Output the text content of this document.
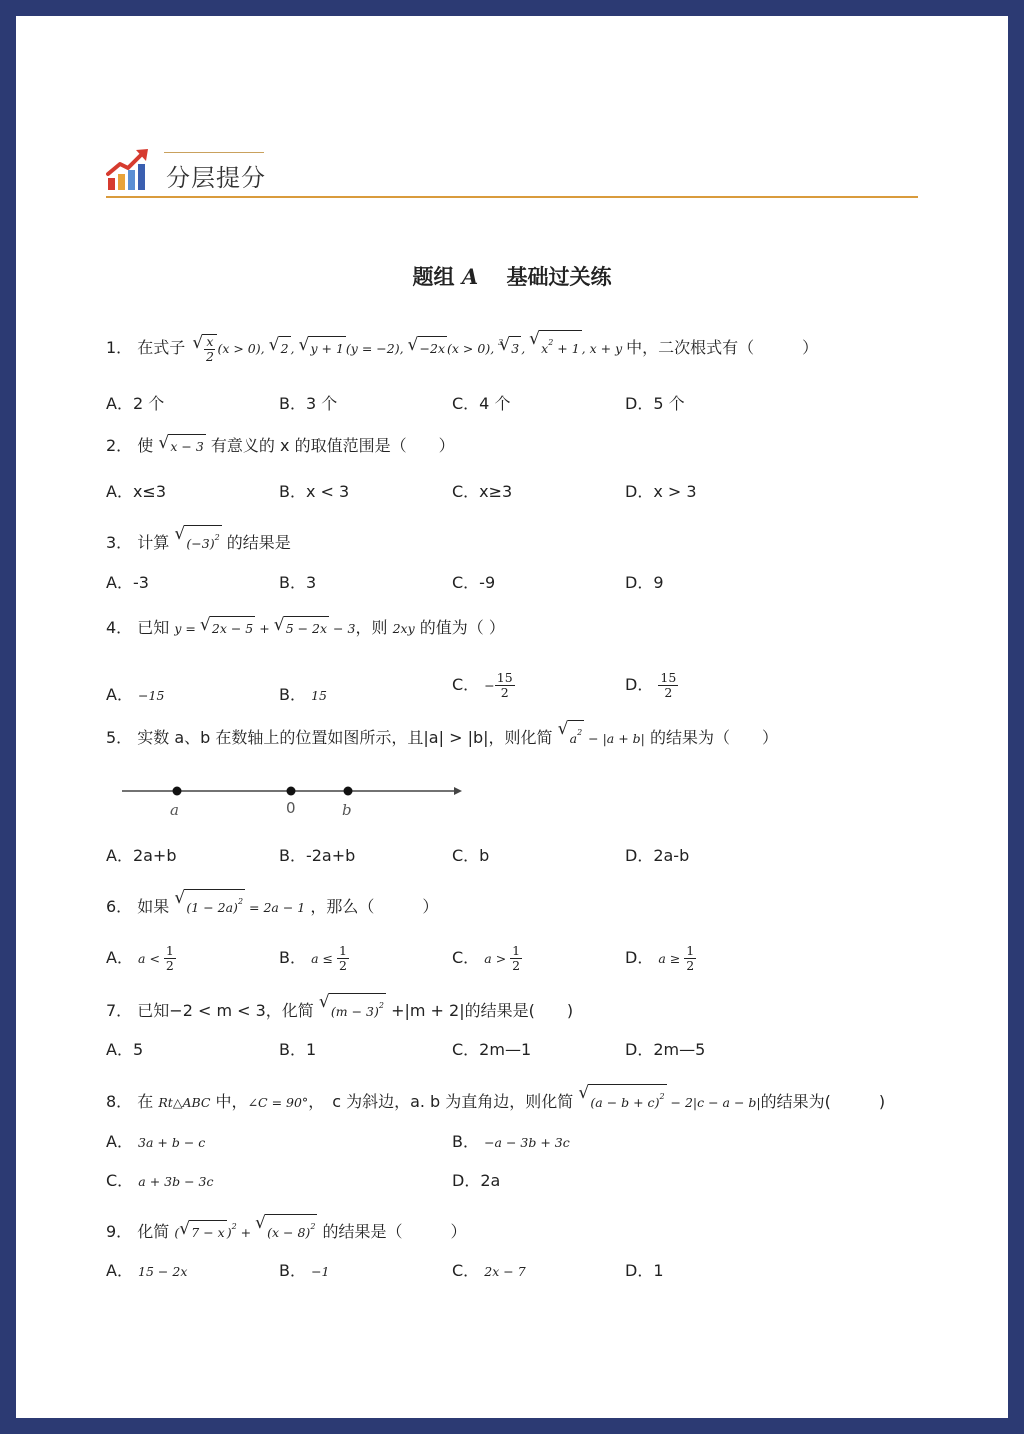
分层提分
题组 A　 基础过关练
1． 在式子 √ $\frac{x}{2} (x > 0)$, √ 2 , √ y + 1 (y = −2), √ −2x (x > 0), $^3$ √ 3 , √ $x^2 + 1$ , x + y 中，二次根式有（　　　）
A．2 个	B．3 个	C．4 个	D．5 个
2． 使 √ x − 3 有意义的 x 的取值范围是（　　）
A．x≤3	B．x < 3	C．x≥3	D．x > 3
3． 计算 √ $(-3)^2$ 的结果是
A．-3	B．3	C．-9	D．9
4． 已知 y = √ 2x − 5 + √ 5 − 2x − 3，则 2xy 的值为（ ）
A． −15	B． 15
C． − $\frac{15}{2}$	D． $\frac{15}{2}$
5． 实数 a、b 在数轴上的位置如图所示，且|a| > |b|，则化简 √ $a^2 - |a + b|$ 的结果为（　　）
a	0	b
A．2a+b	B．-2a+b	C．b	D．2a-b
6． 如果 √ $(1 - 2a)^2 = 2a - 1$ ，那么（　　　）
A． $a < \frac{1}{2}$	B． $a \le \frac{1}{2}$	C． $a > \frac{1}{2}$	D． $a \ge \frac{1}{2}$
7． 已知−2 < m < 3，化简 √ $(m - 3)^2 +|m + 2|$的结果是(　　)
A．5	B．1	C．2m—1	D．2m—5
8． 在 Rt△ABC 中，∠C = 90°，　c 为斜边，a. b 为直角边，则化简 √ $(a - b + c)^2 - 2|c - a - b|$的结果为(　　　)
A． 3a + b − c	B． −a − 3b + 3c
C． a + 3b − 3c	D．2a
9． 化简 ( √ 7 − x )$^2$ + √ $(x - 8)^2$ 的结果是（　　　）
A． 15 − 2x	B． −1	C． 2x − 7	D．1
